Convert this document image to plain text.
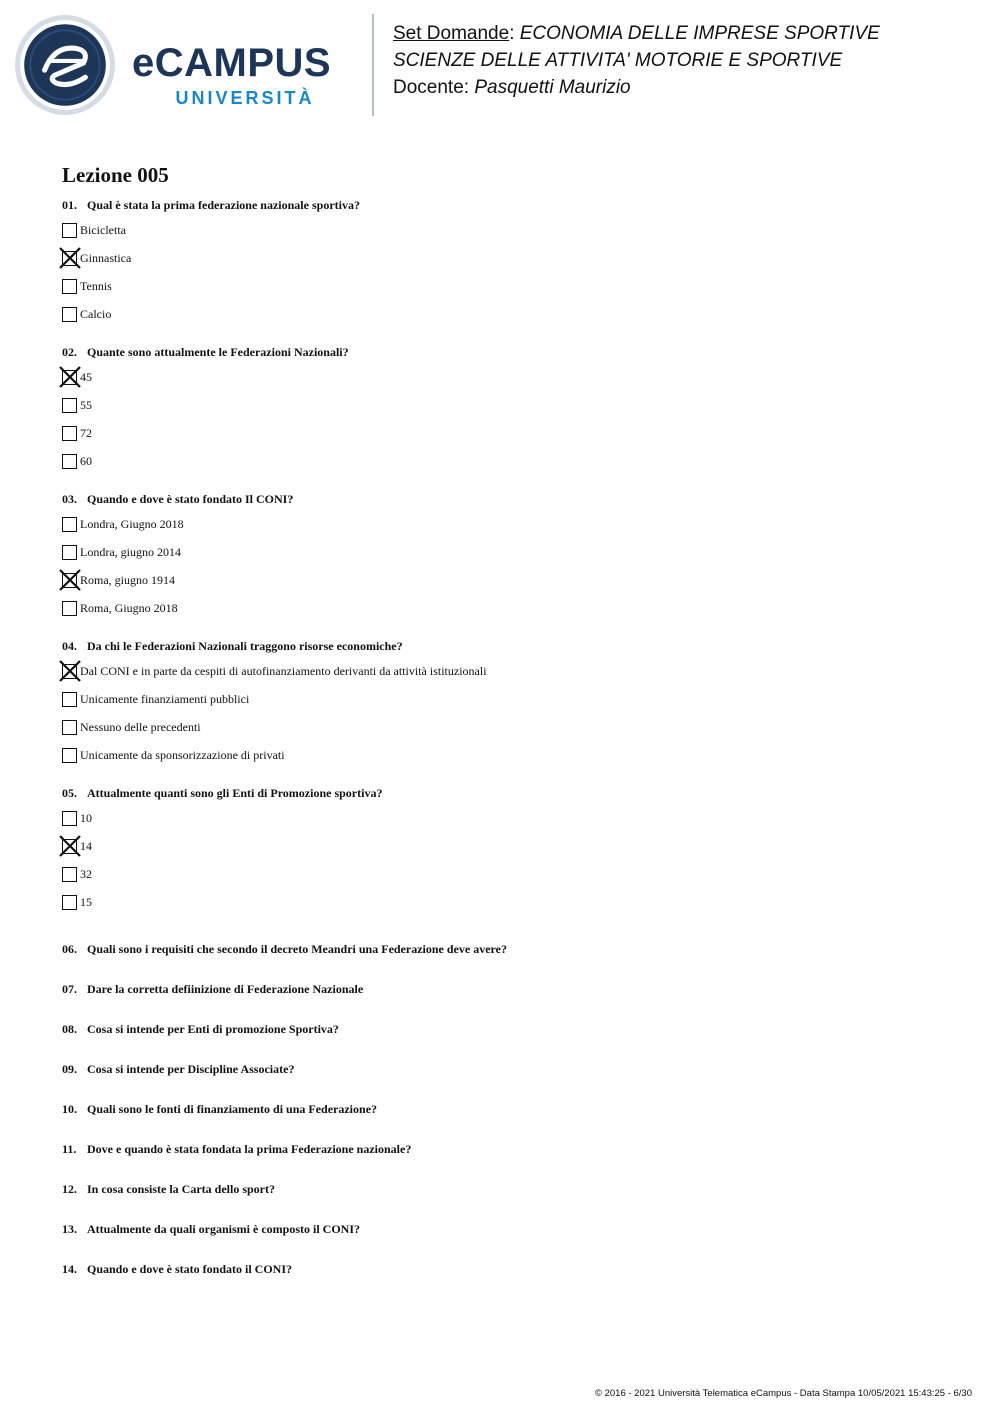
eCAMPUS
UNIVERSITÀ
Set Domande: ECONOMIA DELLE IMPRESE SPORTIVE
SCIENZE DELLE ATTIVITA' MOTORIE E SPORTIVE
Docente: Pasquetti Maurizio
Lezione 005
01. Qual è stata la prima federazione nazionale sportiva?
Bicicletta
Ginnastica
Tennis
Calcio
02. Quante sono attualmente le Federazioni Nazionali?
45
55
72
60
03. Quando e dove è stato fondato Il CONI?
Londra, Giugno 2018
Londra, giugno 2014
Roma, giugno 1914
Roma, Giugno 2018
04. Da chi le Federazioni Nazionali traggono risorse economiche?
Dal CONI e in parte da cespiti di autofinanziamento derivanti da attività istituzionali
Unicamente finanziamenti pubblici
Nessuno delle precedenti
Unicamente da sponsorizzazione di privati
05. Attualmente quanti sono gli Enti di Promozione sportiva?
10
14
32
15
06. Quali sono i requisiti che secondo il decreto Meandri una Federazione deve avere?
07. Dare la corretta defiinizione di Federazione Nazionale
08. Cosa si intende per Enti di promozione Sportiva?
09. Cosa si intende per Discipline Associate?
10. Quali sono le fonti di finanziamento di una Federazione?
11. Dove e quando è stata fondata la prima Federazione nazionale?
12. In cosa consiste la Carta dello sport?
13. Attualmente da quali organismi è composto il CONI?
14. Quando e dove è stato fondato il CONI?
© 2016 - 2021 Università Telematica eCampus - Data Stampa 10/05/2021 15:43:25 - 6/30
